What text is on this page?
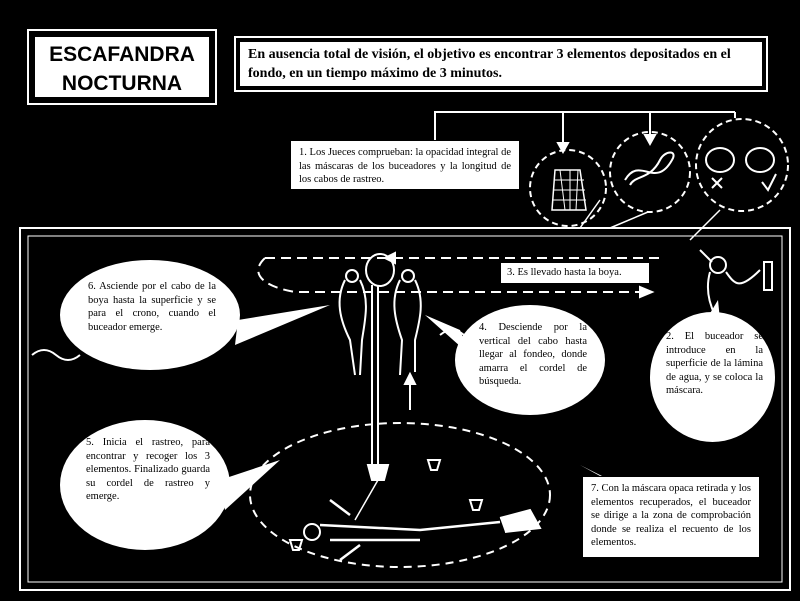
ESCAFANDRA
NOCTURNA
En ausencia total de visión, el objetivo es encontrar 3 elementos depositados en el fondo, en un tiempo máximo de 3 minutos.
1. Los Jueces comprueban: la opacidad integral de las máscaras de los buceadores y la longitud de los cabos de rastreo.
3. Es llevado hasta la boya.
7. Con la máscara opaca retirada y los elementos recuperados, el buceador se dirige a la zona de comprobación donde se realiza el recuento de los elementos.
6. Asciende por el cabo de la boya hasta la superficie y se para el crono, cuando el buceador emerge.	4. Desciende por la vertical del cabo hasta llegar al fondeo, donde amarra el cordel de búsqueda.
2. El buceador se introduce en la superficie de la lámina de agua, y se coloca la máscara.
5. Inicia el rastreo, para encontrar y recoger los 3 elementos. Finalizado guarda su cordel de rastreo y emerge.
